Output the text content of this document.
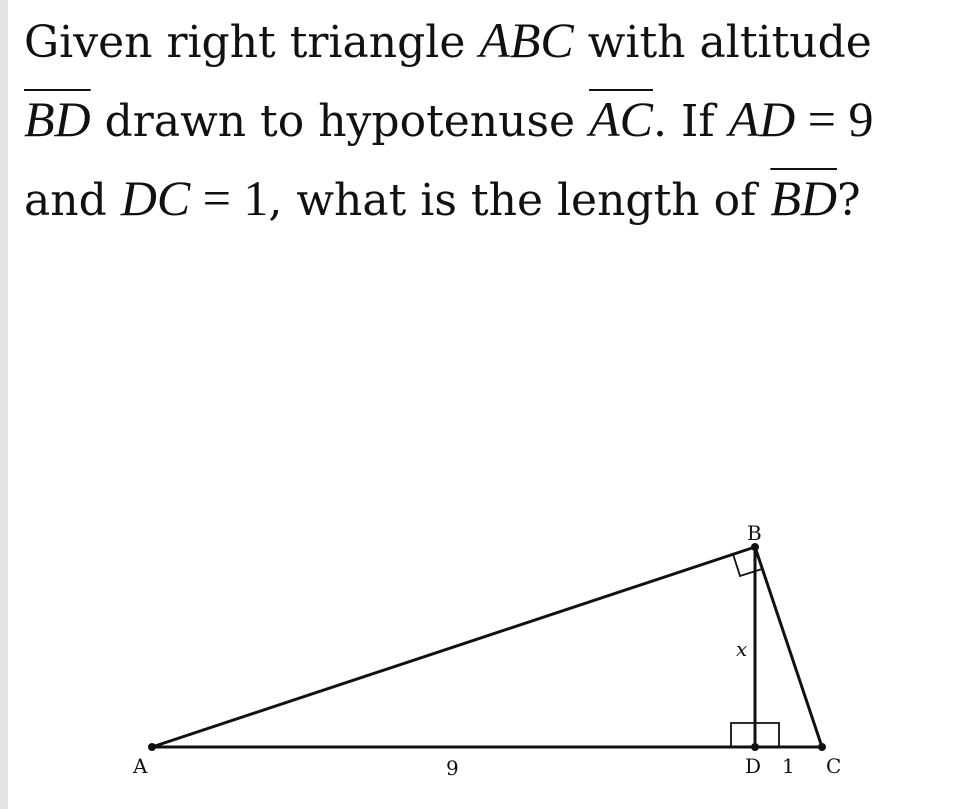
Given right triangle ABC with altitude $\overline{BD}$ drawn to hypotenuse $\overline{AC}$. If AD = 9 and DC = 1, what is the length of $\overline{BD}$?
A
B
C
D
9	1
x
